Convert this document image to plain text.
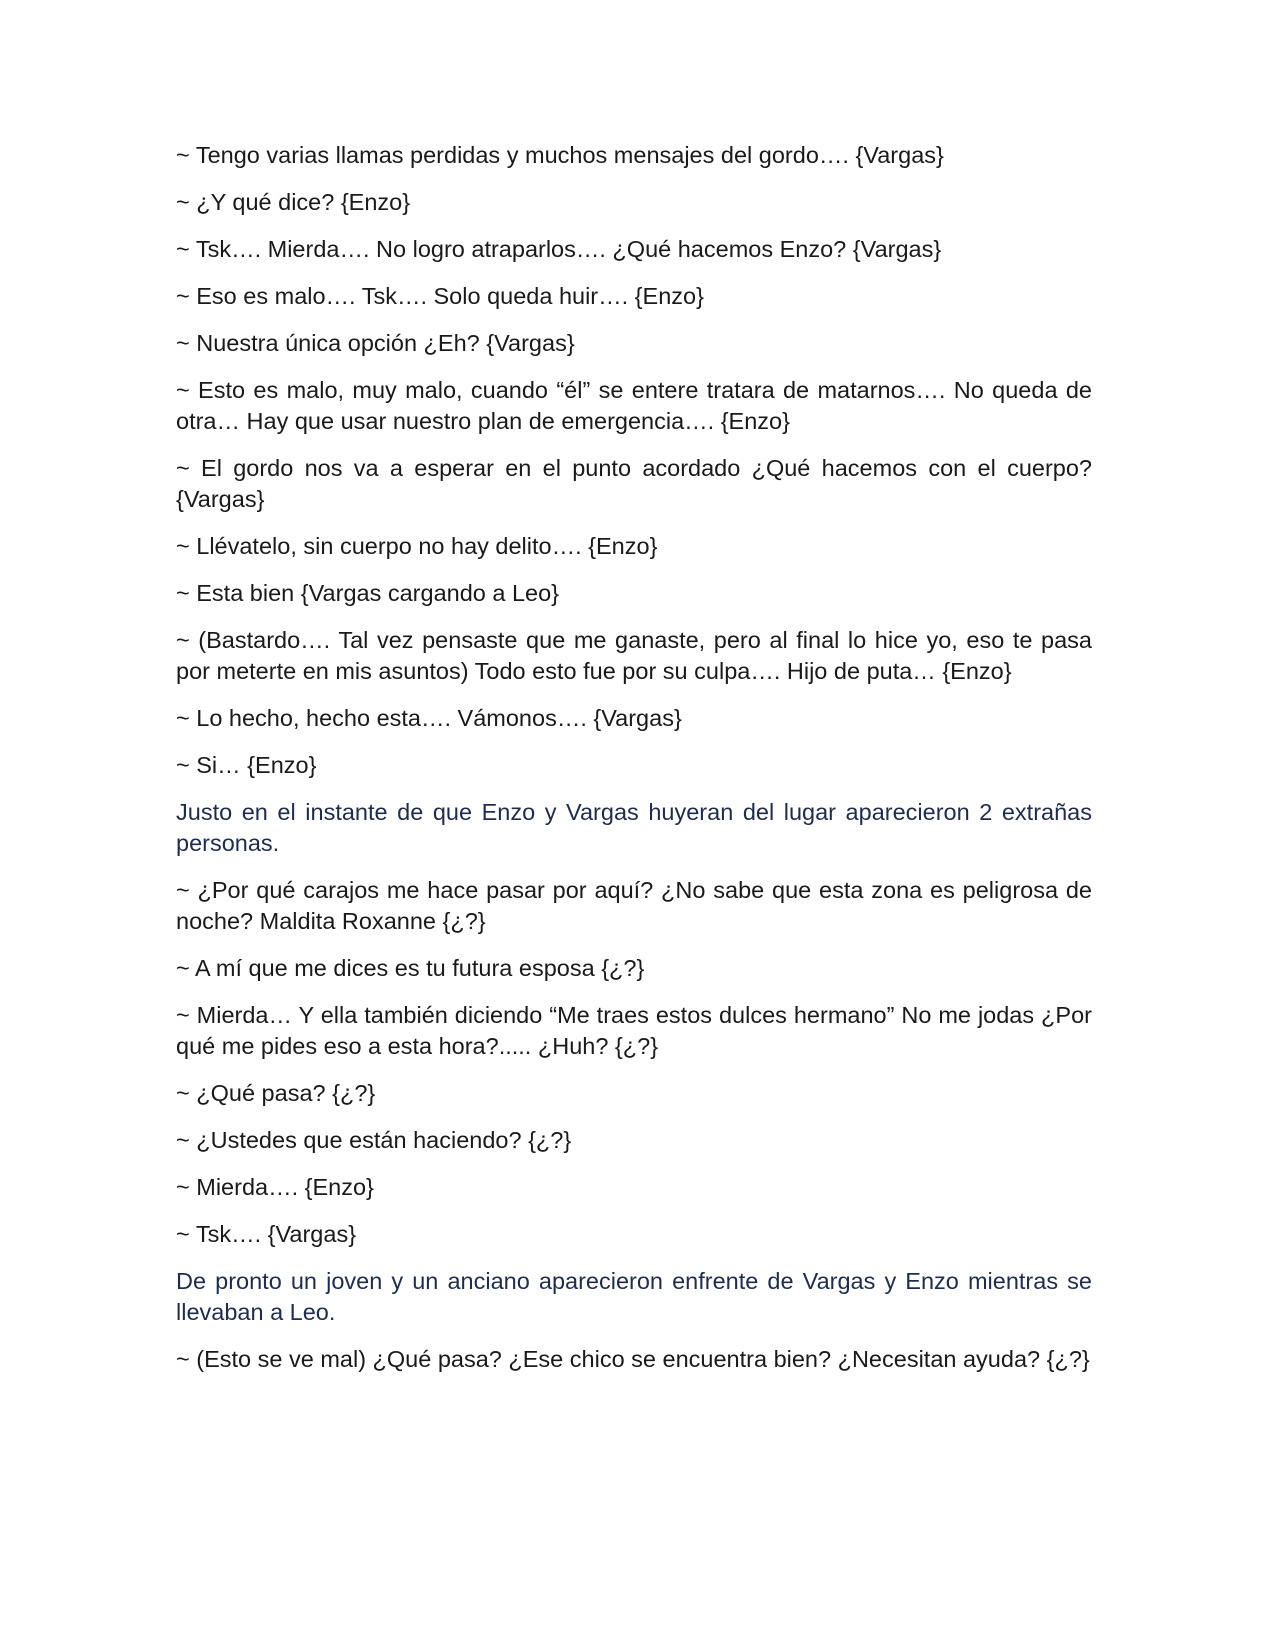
~ Tengo varias llamas perdidas y muchos mensajes del gordo…. {Vargas}

~ ¿Y qué dice? {Enzo}

~ Tsk…. Mierda…. No logro atraparlos…. ¿Qué hacemos Enzo? {Vargas}

~ Eso es malo…. Tsk…. Solo queda huir…. {Enzo}

~ Nuestra única opción ¿Eh? {Vargas}

~ Esto es malo, muy malo, cuando “él” se entere tratara de matarnos…. No queda de otra… Hay que usar nuestro plan de emergencia…. {Enzo}

~ El gordo nos va a esperar en el punto acordado ¿Qué hacemos con el cuerpo? {Vargas}

~ Llévatelo, sin cuerpo no hay delito…. {Enzo}

~ Esta bien {Vargas cargando a Leo}

~ (Bastardo…. Tal vez pensaste que me ganaste, pero al final lo hice yo, eso te pasa por meterte en mis asuntos) Todo esto fue por su culpa…. Hijo de puta… {Enzo}

~ Lo hecho, hecho esta…. Vámonos…. {Vargas}

~ Si… {Enzo}

Justo en el instante de que Enzo y Vargas huyeran del lugar aparecieron 2 extrañas personas.

~ ¿Por qué carajos me hace pasar por aquí? ¿No sabe que esta zona es peligrosa de noche? Maldita Roxanne {¿?}

~ A mí que me dices es tu futura esposa {¿?}

~ Mierda… Y ella también diciendo “Me traes estos dulces hermano” No me jodas ¿Por qué me pides eso a esta hora?..... ¿Huh? {¿?}

~ ¿Qué pasa? {¿?}

~ ¿Ustedes que están haciendo? {¿?}

~ Mierda…. {Enzo}

~ Tsk…. {Vargas}

De pronto un joven y un anciano aparecieron enfrente de Vargas y Enzo mientras se llevaban a Leo.

~ (Esto se ve mal) ¿Qué pasa? ¿Ese chico se encuentra bien? ¿Necesitan ayuda? {¿?}
